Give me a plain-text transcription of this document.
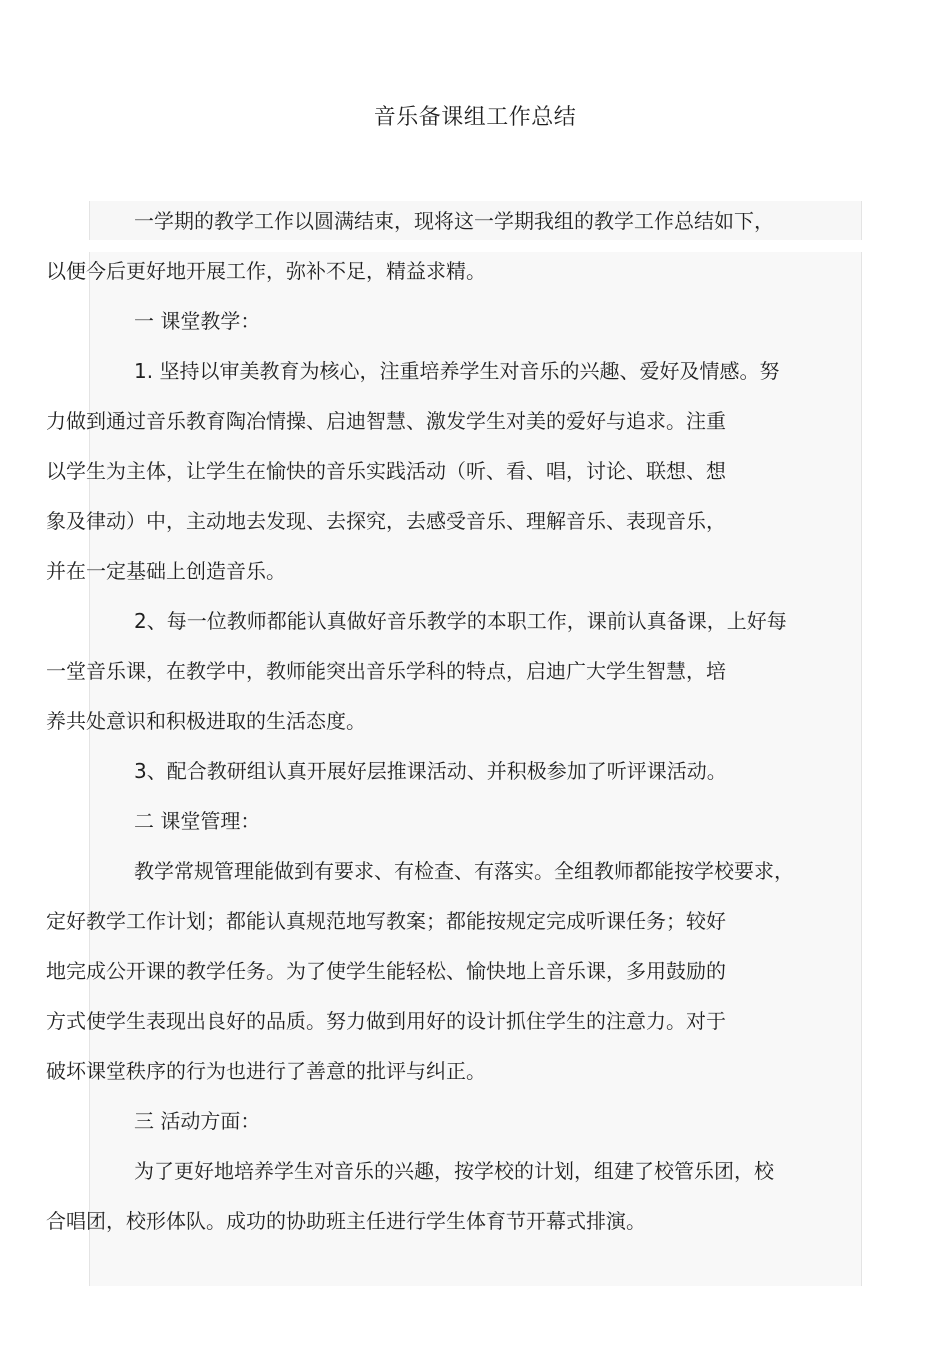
音乐备课组工作总结

一学期的教学工作以圆满结束，现将这一学期我组的教学工作总结如下，
以便今后更好地开展工作，弥补不足，精益求精。

一 课堂教学：

1. 坚持以审美教育为核心，注重培养学生对音乐的兴趣、爱好及情感。努
力做到通过音乐教育陶冶情操、启迪智慧、激发学生对美的爱好与追求。注重
以学生为主体，让学生在愉快的音乐实践活动（听、看、唱，讨论、联想、想
象及律动）中，主动地去发现、去探究，去感受音乐、理解音乐、表现音乐，
并在一定基础上创造音乐。

2、每一位教师都能认真做好音乐教学的本职工作，课前认真备课，上好每
一堂音乐课，在教学中，教师能突出音乐学科的特点，启迪广大学生智慧，培
养共处意识和积极进取的生活态度。

3、配合教研组认真开展好层推课活动、并积极参加了听评课活动。

二 课堂管理：

教学常规管理能做到有要求、有检查、有落实。全组教师都能按学校要求，
定好教学工作计划；都能认真规范地写教案；都能按规定完成听课任务；较好
地完成公开课的教学任务。为了使学生能轻松、愉快地上音乐课，多用鼓励的
方式使学生表现出良好的品质。努力做到用好的设计抓住学生的注意力。对于
破坏课堂秩序的行为也进行了善意的批评与纠正。

三 活动方面：

为了更好地培养学生对音乐的兴趣，按学校的计划，组建了校管乐团，校
合唱团，校形体队。成功的协助班主任进行学生体育节开幕式排演。
